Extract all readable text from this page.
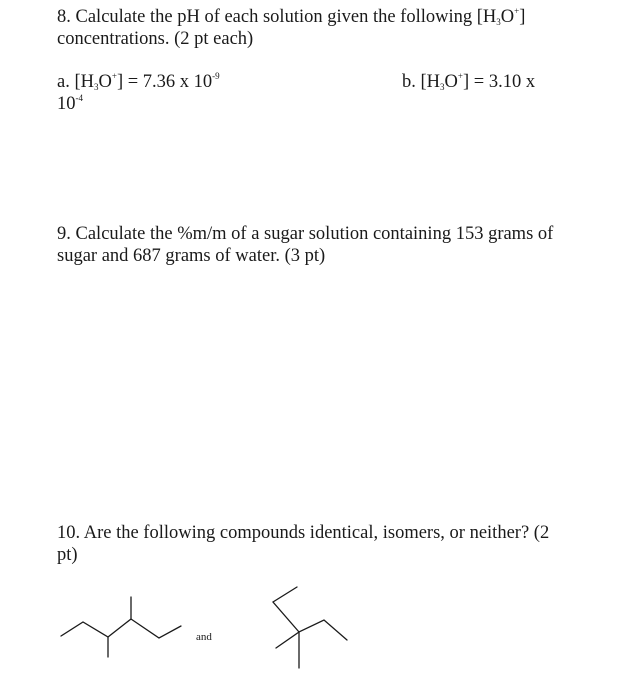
8. Calculate the pH of each solution given the following $[H_3O^+]$
concentrations. (2 pt each)
a. $[H_3O^+] = 7.36$ x $10^{-9}$	b. $[H_3O^+] = 3.10$ x
$10^{-4}$
9. Calculate the %m/m of a sugar solution containing 153 grams of
sugar and 687 grams of water. (3 pt)
10. Are the following compounds identical, isomers, or neither? (2
pt)
and
